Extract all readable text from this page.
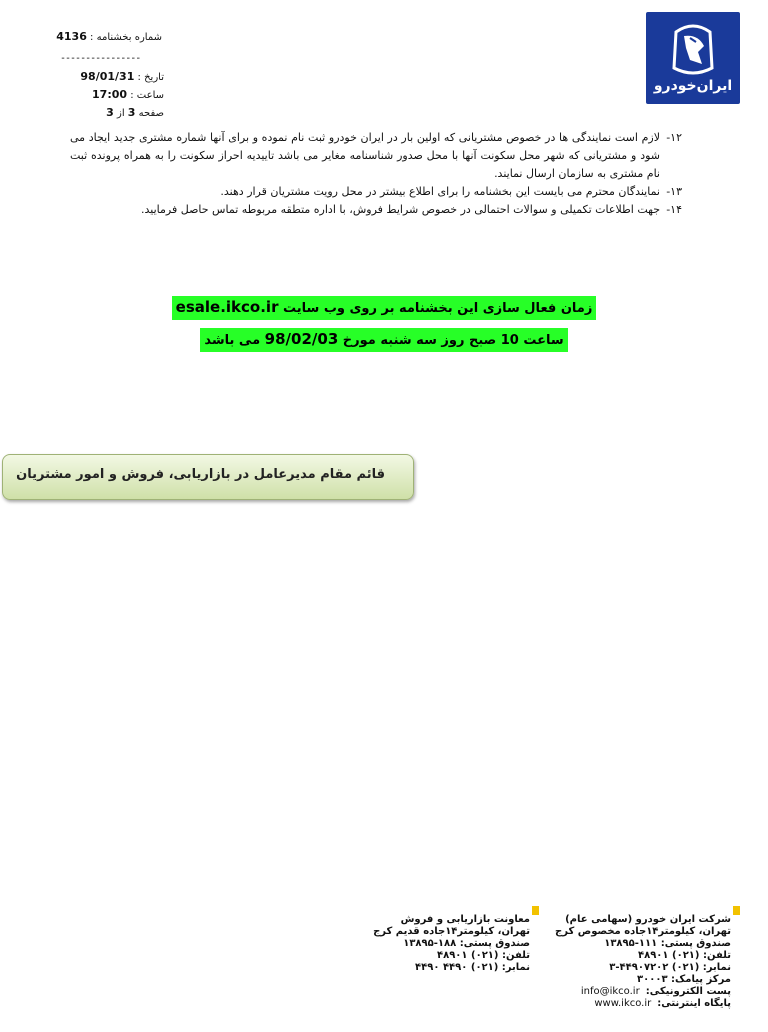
ایران‌خودرو
شماره بخشنامه : 4136
----------------
تاریخ : 98/01/31
ساعت : 17:00
صفحه 3 از 3

۱۲-
لازم است نمایندگی ها در خصوص مشتریانی که اولین بار در ایران خودرو ثبت نام نموده و برای آنها شماره مشتری جدید ایجاد می شود و مشتریانی که شهر محل سکونت آنها با محل صدور شناسنامه مغایر می باشد تاییدیه احراز سکونت را به همراه پرونده ثبت نام مشتری به سازمان ارسال نمایند.

۱۳-
نمایندگان محترم می بایست این بخشنامه را برای اطلاع بیشتر در محل رویت مشتریان قرار دهند.

۱۴-
جهت اطلاعات تکمیلی و سوالات احتمالی در خصوص شرایط فروش، با اداره متطقه مربوطه تماس حاصل فرمایید.

زمان فعال سازی این بخشنامه بر روی وب سایت esale.ikco.ir
ساعت 10 صبح روز سه شنبه مورخ 98/02/03 می باشد
قائم مقام مدیرعامل در بازاریابی، فروش و امور مشتریان
معاونت بازاریابی و فروش
تهران، کیلومتر۱۴جاده قدیم کرج
صندوق پستی: ۱۸۸-۱۳۸۹۵
تلفن: (۰۲۱) ۴۸۹۰۱
نمابر: (۰۲۱) ۴۴۹۰ ۴۴۹۰
شرکت ایران خودرو (سهامی عام)
تهران، کیلومتر۱۴جاده مخصوص کرج
صندوق پستی: ۱۱۱-۱۳۸۹۵
تلفن: (۰۲۱) ۴۸۹۰۱
نمابر: (۰۲۱) ۴۴۹۰۷۲۰۲-۳
مرکز پیامک: ۳۰۰۰۳
پست الکترونیکی:
info@ikco.ir
پایگاه اینترنتی:
www.ikco.ir
